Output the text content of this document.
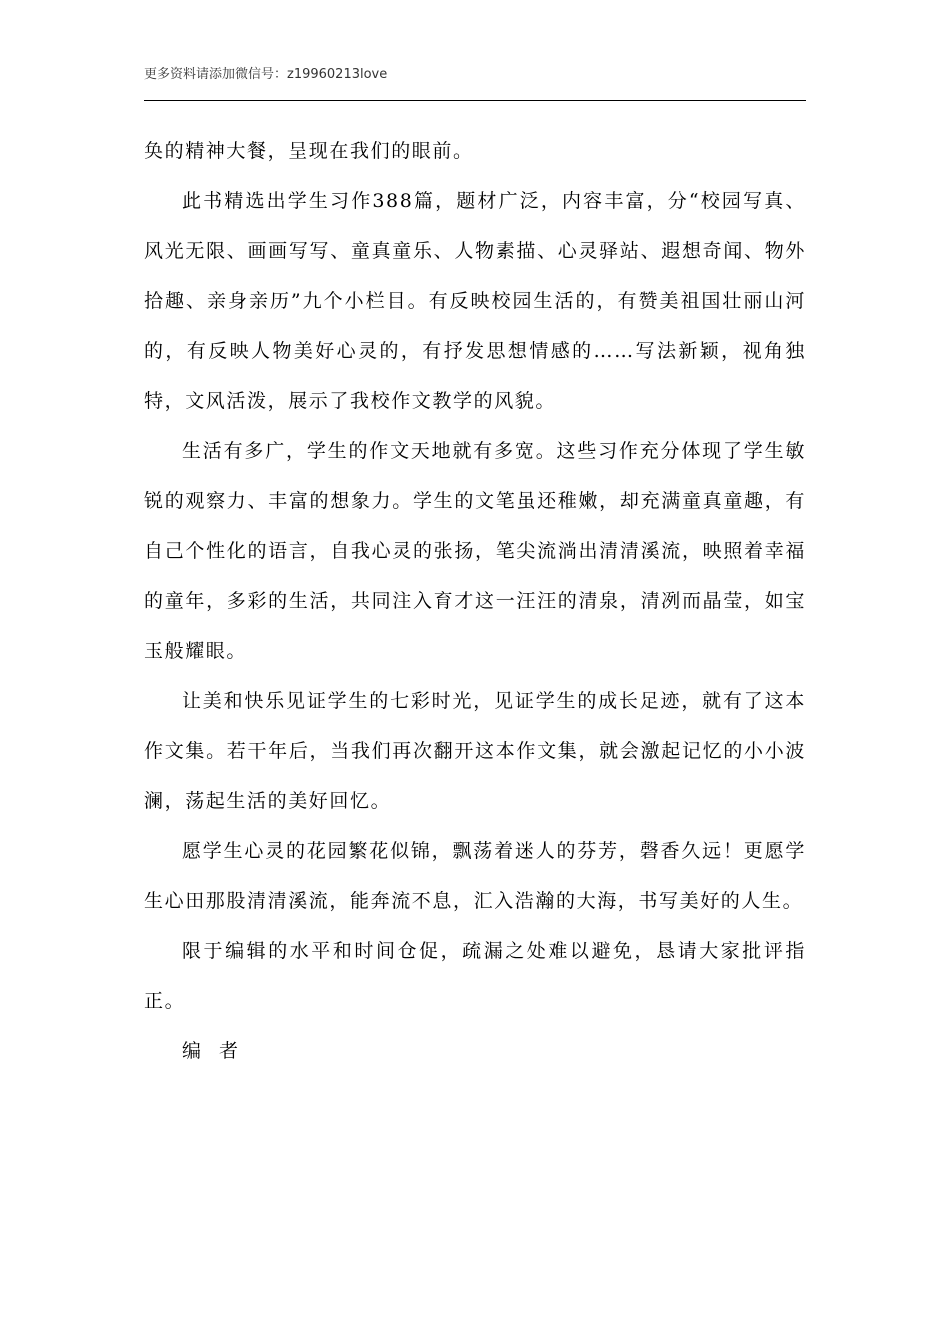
更多资料请添加微信号：z19960213love

奂的精神大餐，呈现在我们的眼前。

此书精选出学生习作388篇，题材广泛，内容丰富，分“校园写真、风光无限、画画写写、童真童乐、人物素描、心灵驿站、遐想奇闻、物外拾趣、亲身亲历”九个小栏目。有反映校园生活的，有赞美祖国壮丽山河的，有反映人物美好心灵的，有抒发思想情感的……写法新颖，视角独特，文风活泼，展示了我校作文教学的风貌。

生活有多广，学生的作文天地就有多宽。这些习作充分体现了学生敏锐的观察力、丰富的想象力。学生的文笔虽还稚嫩，却充满童真童趣，有自己个性化的语言，自我心灵的张扬，笔尖流淌出清清溪流，映照着幸福的童年，多彩的生活，共同注入育才这一汪汪的清泉，清冽而晶莹，如宝玉般耀眼。

让美和快乐见证学生的七彩时光，见证学生的成长足迹，就有了这本作文集。若干年后，当我们再次翻开这本作文集，就会激起记忆的小小波澜，荡起生活的美好回忆。

愿学生心灵的花园繁花似锦，飘荡着迷人的芬芳，磬香久远！更愿学生心田那股清清溪流，能奔流不息，汇入浩瀚的大海，书写美好的人生。

限于编辑的水平和时间仓促，疏漏之处难以避免，恳请大家批评指正。

编 者
